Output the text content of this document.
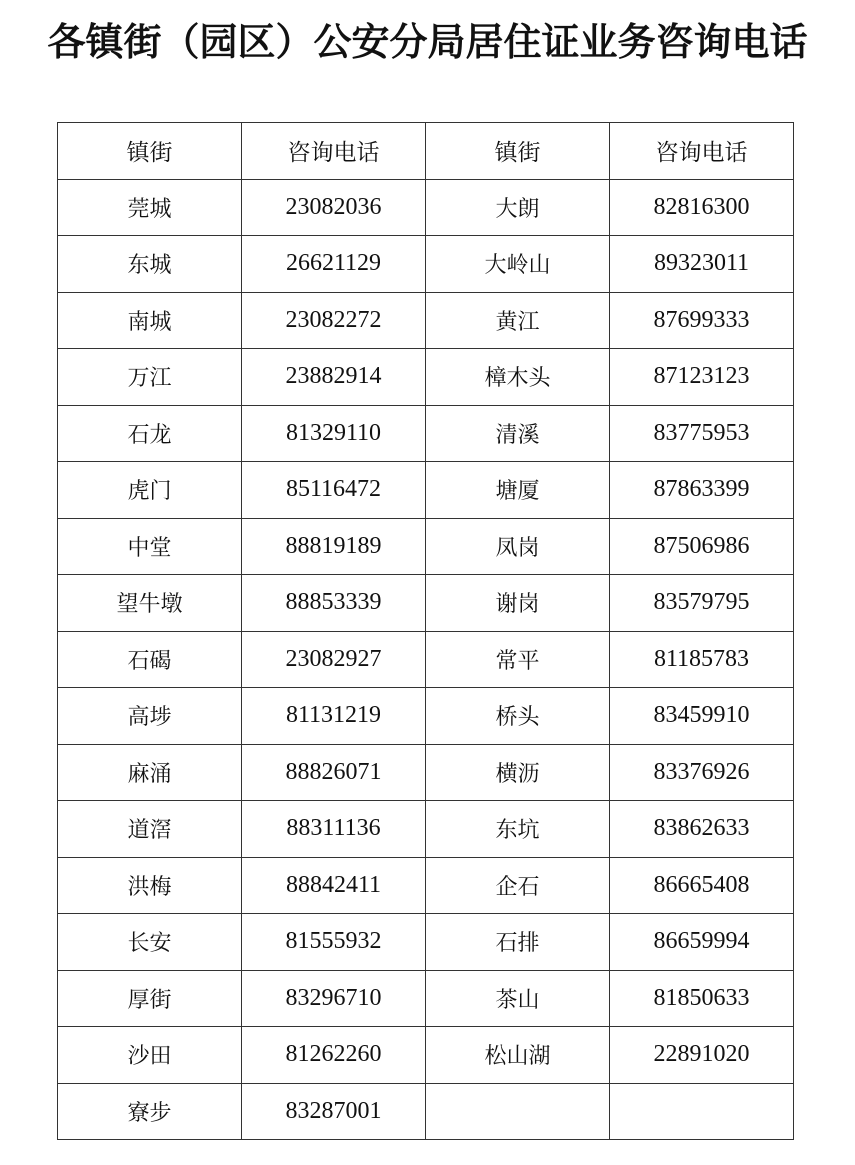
各镇街（园区）公安分局居住证业务咨询电话
镇街	咨询电话	镇街	咨询电话
莞城	23082036	大朗	82816300
东城	26621129	大岭山	89323011
南城	23082272	黄江	87699333
万江	23882914	樟木头	87123123
石龙	81329110	清溪	83775953
虎门	85116472	塘厦	87863399
中堂	88819189	凤岗	87506986
望牛墩	88853339	谢岗	83579795
石碣	23082927	常平	81185783
高埗	81131219	桥头	83459910
麻涌	88826071	横沥	83376926
道滘	88311136	东坑	83862633
洪梅	88842411	企石	86665408
长安	81555932	石排	86659994
厚街	83296710	茶山	81850633
沙田	81262260	松山湖	22891020
寮步	83287001		
